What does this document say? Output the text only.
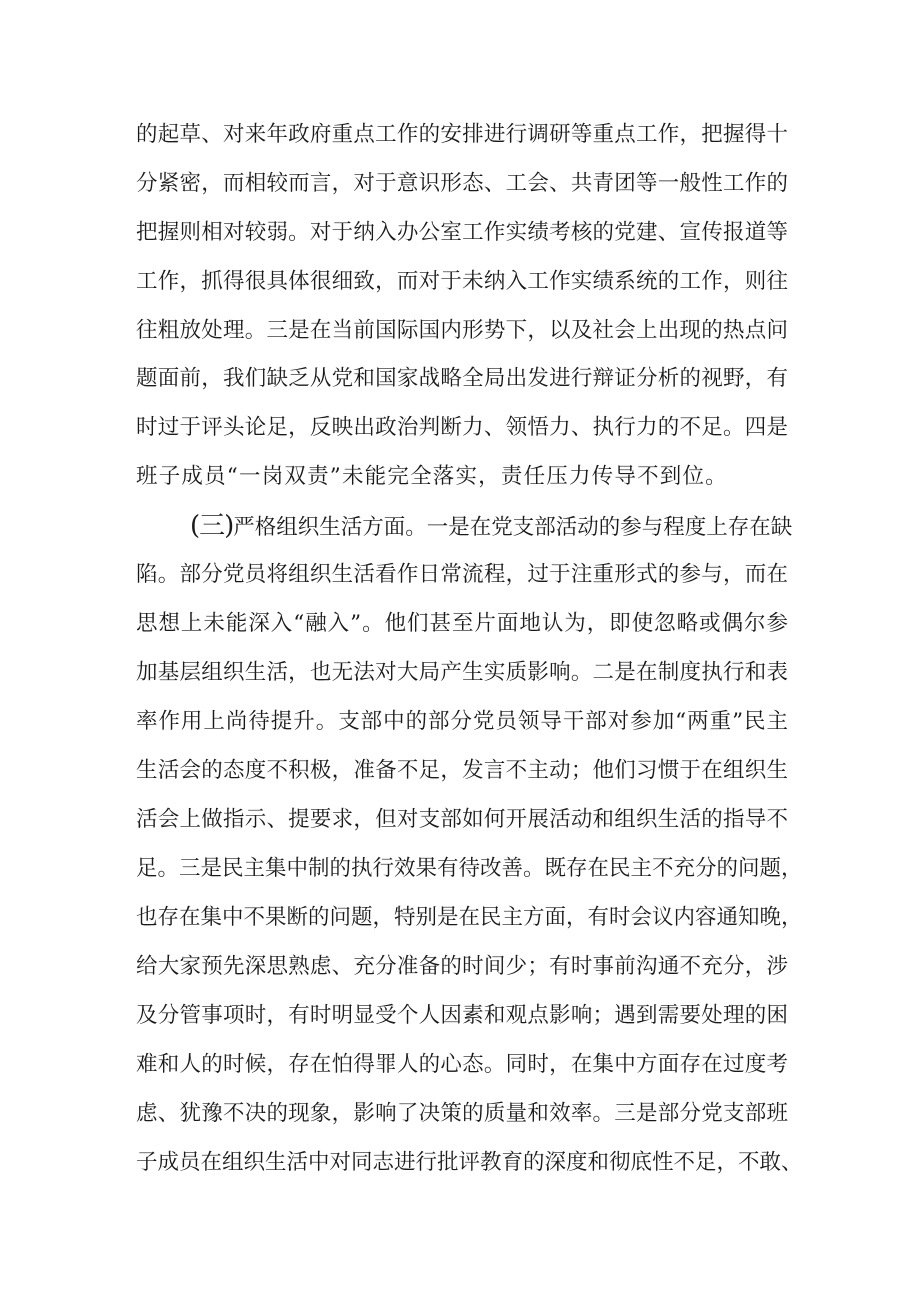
的起草、对来年政府重点工作的安排进行调研等重点工作，把握得十
分紧密，而相较而言，对于意识形态、工会、共青团等一般性工作的
把握则相对较弱。对于纳入办公室工作实绩考核的党建、宣传报道等
工作，抓得很具体很细致，而对于未纳入工作实绩系统的工作，则往
往粗放处理。三是在当前国际国内形势下，以及社会上出现的热点问
题面前，我们缺乏从党和国家战略全局出发进行辩证分析的视野，有
时过于评头论足，反映出政治判断力、领悟力、执行力的不足。四是
班子成员“一岗双责”未能完全落实，责任压力传导不到位。
(三)严格组织生活方面。一是在党支部活动的参与程度上存在缺
陷。部分党员将组织生活看作日常流程，过于注重形式的参与，而在
思想上未能深入“融入”。他们甚至片面地认为，即使忽略或偶尔参
加基层组织生活，也无法对大局产生实质影响。二是在制度执行和表
率作用上尚待提升。支部中的部分党员领导干部对参加“两重”民主
生活会的态度不积极，准备不足，发言不主动；他们习惯于在组织生
活会上做指示、提要求，但对支部如何开展活动和组织生活的指导不
足。三是民主集中制的执行效果有待改善。既存在民主不充分的问题，
也存在集中不果断的问题，特别是在民主方面，有时会议内容通知晚，
给大家预先深思熟虑、充分准备的时间少；有时事前沟通不充分，涉
及分管事项时，有时明显受个人因素和观点影响；遇到需要处理的困
难和人的时候，存在怕得罪人的心态。同时，在集中方面存在过度考
虑、犹豫不决的现象，影响了决策的质量和效率。三是部分党支部班
子成员在组织生活中对同志进行批评教育的深度和彻底性不足，不敢、
